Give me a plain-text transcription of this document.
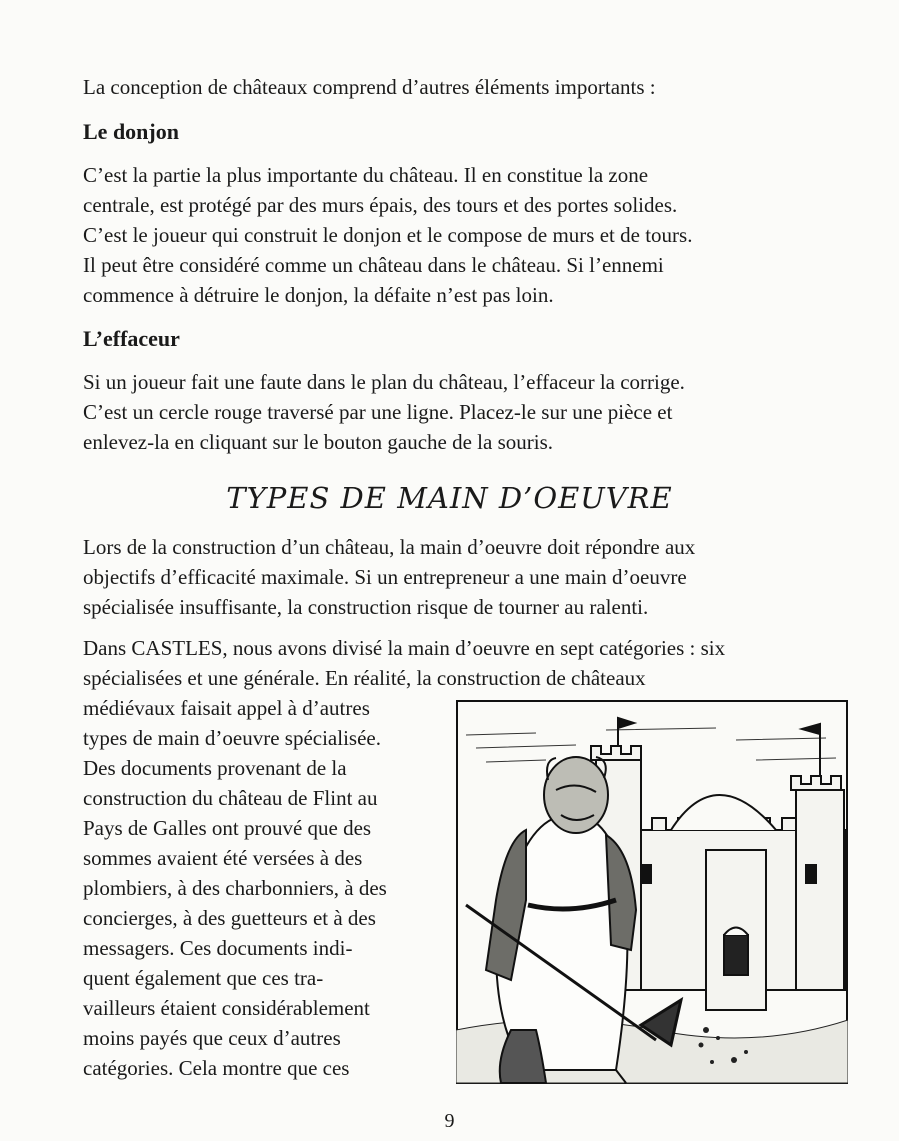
La conception de châteaux comprend d’autres éléments importants :

Le donjon
C’est la partie la plus importante du château. Il en constitue la zone
centrale, est protégé par des murs épais, des tours et des portes solides.
C’est le joueur qui construit le donjon et le compose de murs et de tours.
Il peut être considéré comme un château dans le château. Si l’ennemi
commence à détruire le donjon, la défaite n’est pas loin.
L’effaceur
Si un joueur fait une faute dans le plan du château, l’effaceur la corrige.
C’est un cercle rouge traversé par une ligne. Placez-le sur une pièce et
enlevez-la en cliquant sur le bouton gauche de la souris.
TYPES DE MAIN D’OEUVRE
Lors de la construction d’un château, la main d’oeuvre doit répondre aux
objectifs d’efficacité maximale. Si un entrepreneur a une main d’oeuvre
spécialisée insuffisante, la construction risque de tourner au ralenti.
Dans CASTLES, nous avons divisé la main d’oeuvre en sept catégories : six
spécialisées et une générale. En réalité, la construction de châteaux
médiévaux faisait appel à d’autres
types de main d’oeuvre spécialisée.
Des documents provenant de la
construction du château de Flint au
Pays de Galles ont prouvé que des
sommes avaient été versées à des
plombiers, à des charbonniers, à des
concierges, à des guetteurs et à des
messagers. Ces documents indi-
quent également que ces tra-
vailleurs étaient considérablement
moins payés que ceux d’autres
catégories. Cela montre que ces
9
